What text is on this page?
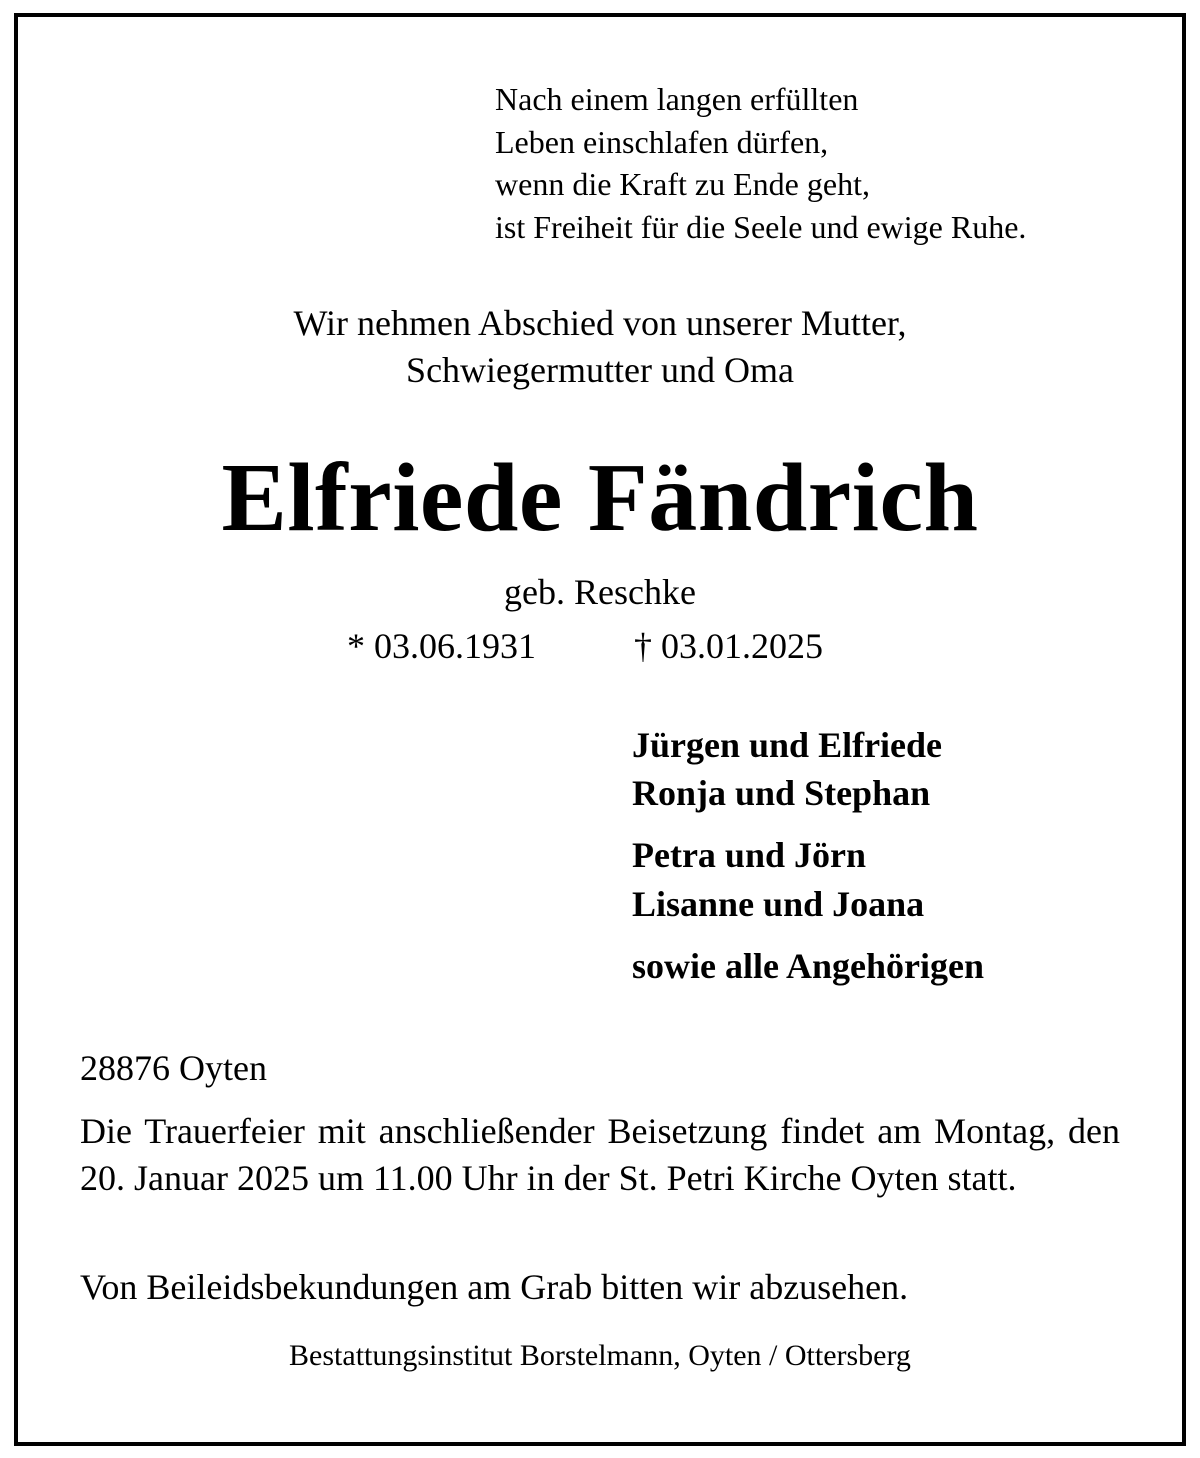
Nach einem langen erfüllten
Leben einschlafen dürfen,
wenn die Kraft zu Ende geht,
ist Freiheit für die Seele und ewige Ruhe.
Wir nehmen Abschied von unserer Mutter,
Schwiegermutter und Oma
Elfriede Fändrich
geb. Reschke
* 03.06.1931	† 03.01.2025
Jürgen und Elfriede
Ronja und Stephan
Petra und Jörn
Lisanne und Joana
sowie alle Angehörigen
28876 Oyten
Die Trauerfeier mit anschließender Beisetzung findet am Montag, den 20. Januar 2025 um 11.00 Uhr in der St. Petri Kirche Oyten statt.
Von Beileidsbekundungen am Grab bitten wir abzusehen.
Bestattungsinstitut Borstelmann, Oyten / Ottersberg
